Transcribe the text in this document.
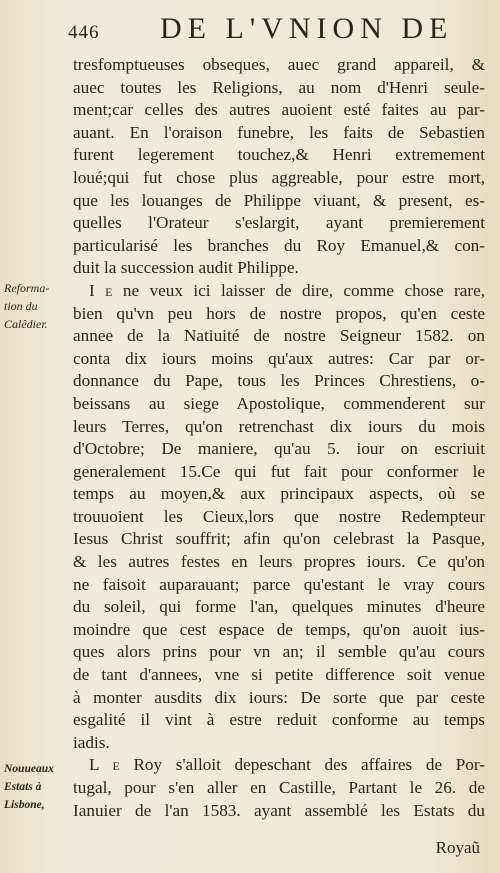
446 DE L'VNION DE
tresfomptueuses obseques, auec grand appareil, &
auec toutes les Religions, au nom d'Henri seule-
ment;car celles des autres auoient esté faites au par-
auant. En l'oraison funebre, les faits de Sebastien
furent legerement touchez,& Henri extremement
loué;qui fut chose plus aggreable, pour estre mort,
que les louanges de Philippe viuant, & present, es-
quelles l'Orateur s'eslargit, ayant premierement
particularisé les branches du Roy Emanuel,& con-
duit la succession audit Philippe.
I e ne veux ici laisser de dire, comme chose rare,
bien qu'vn peu hors de nostre propos, qu'en ceste
annee de la Natiuité de nostre Seigneur 1582. on
conta dix iours moins qu'aux autres: Car par or-
donnance du Pape, tous les Princes Chrestiens, o-
beissans au siege Apostolique, commenderent sur
leurs Terres, qu'on retrenchast dix iours du mois
d'Octobre; De maniere, qu'au 5. iour on escriuit
generalement 15.Ce qui fut fait pour conformer le
temps au moyen,& aux principaux aspects, où se
trouuoient les Cieux,lors que nostre Redempteur
Iesus Christ souffrit; afin qu'on celebrast la Pasque,
& les autres festes en leurs propres iours. Ce qu'on
ne faisoit auparauant; parce qu'estant le vray cours
du soleil, qui forme l'an, quelques minutes d'heure
moindre que cest espace de temps, qu'on auoit ius-
ques alors prins pour vn an; il semble qu'au cours
de tant d'annees, vne si petite difference soit venue
à monter ausdits dix iours: De sorte que par ceste
esgalité il vint à estre reduit conforme au temps
iadis.
L e Roy s'alloit depeschant des affaires de Por-
tugal, pour s'en aller en Castille, Partant le 26. de
Ianuier de l'an 1583. ayant assemblé les Estats du
Reforma-
tion du
Calêdier.
Nouueaux
Estats à
Lisbone,
Royaũ
